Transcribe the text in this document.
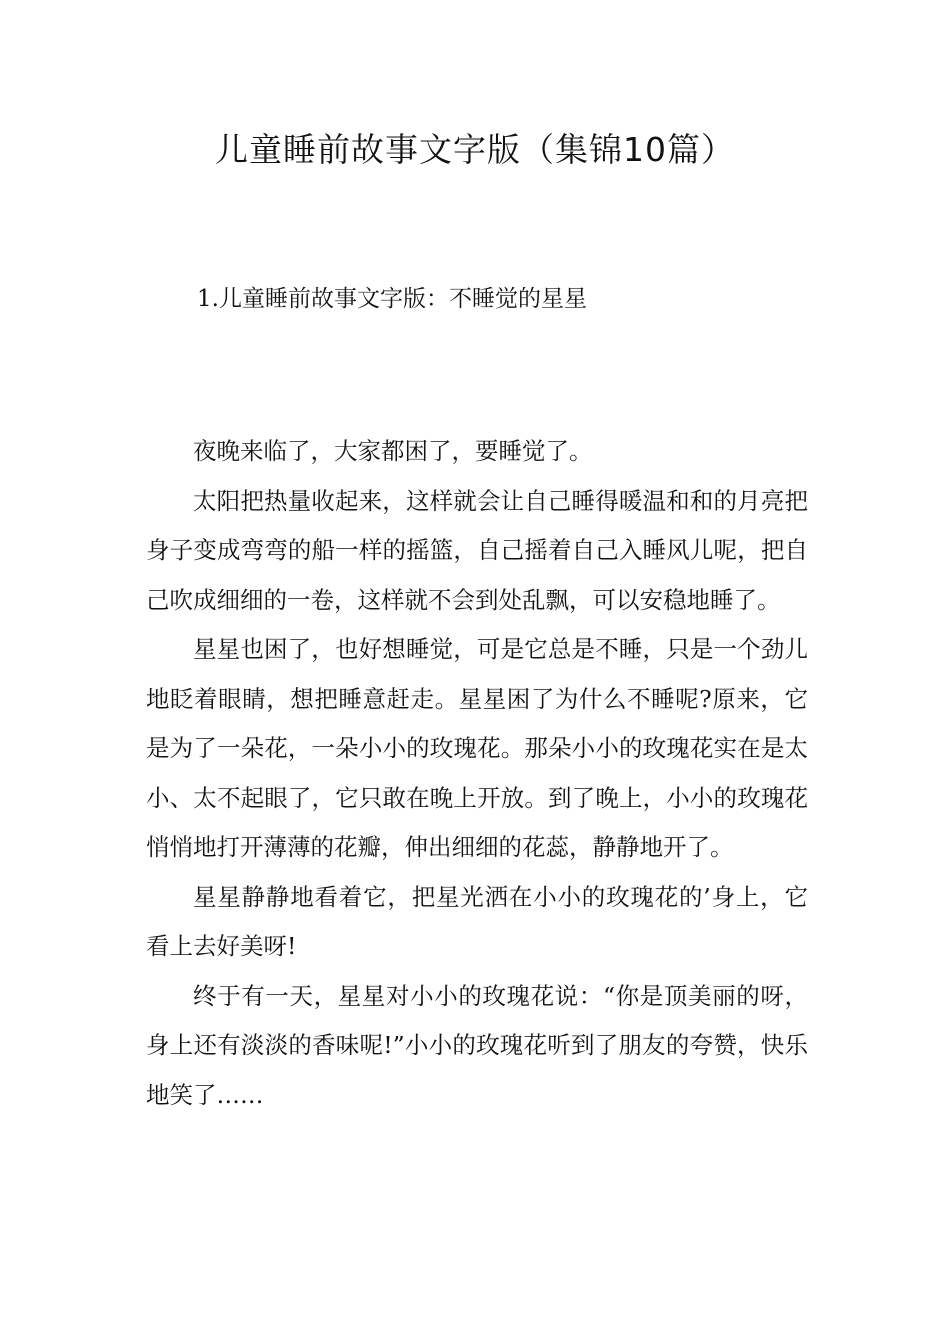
儿童睡前故事文字版（集锦10篇）
1.儿童睡前故事文字版：不睡觉的星星

夜晚来临了，大家都困了，要睡觉了。

太阳把热量收起来，这样就会让自己睡得暖温和和的月亮把身子变成弯弯的船一样的摇篮，自己摇着自己入睡风儿呢，把自己吹成细细的一卷，这样就不会到处乱飘，可以安稳地睡了。

星星也困了，也好想睡觉，可是它总是不睡，只是一个劲儿地眨着眼睛，想把睡意赶走。星星困了为什么不睡呢?原来，它是为了一朵花，一朵小小的玫瑰花。那朵小小的玫瑰花实在是太小、太不起眼了，它只敢在晚上开放。到了晚上，小小的玫瑰花悄悄地打开薄薄的花瓣，伸出细细的花蕊，静静地开了。

星星静静地看着它，把星光洒在小小的玫瑰花的’身上，它看上去好美呀!

终于有一天，星星对小小的玫瑰花说：“你是顶美丽的呀，身上还有淡淡的香味呢!”小小的玫瑰花听到了朋友的夸赞，快乐地笑了……
